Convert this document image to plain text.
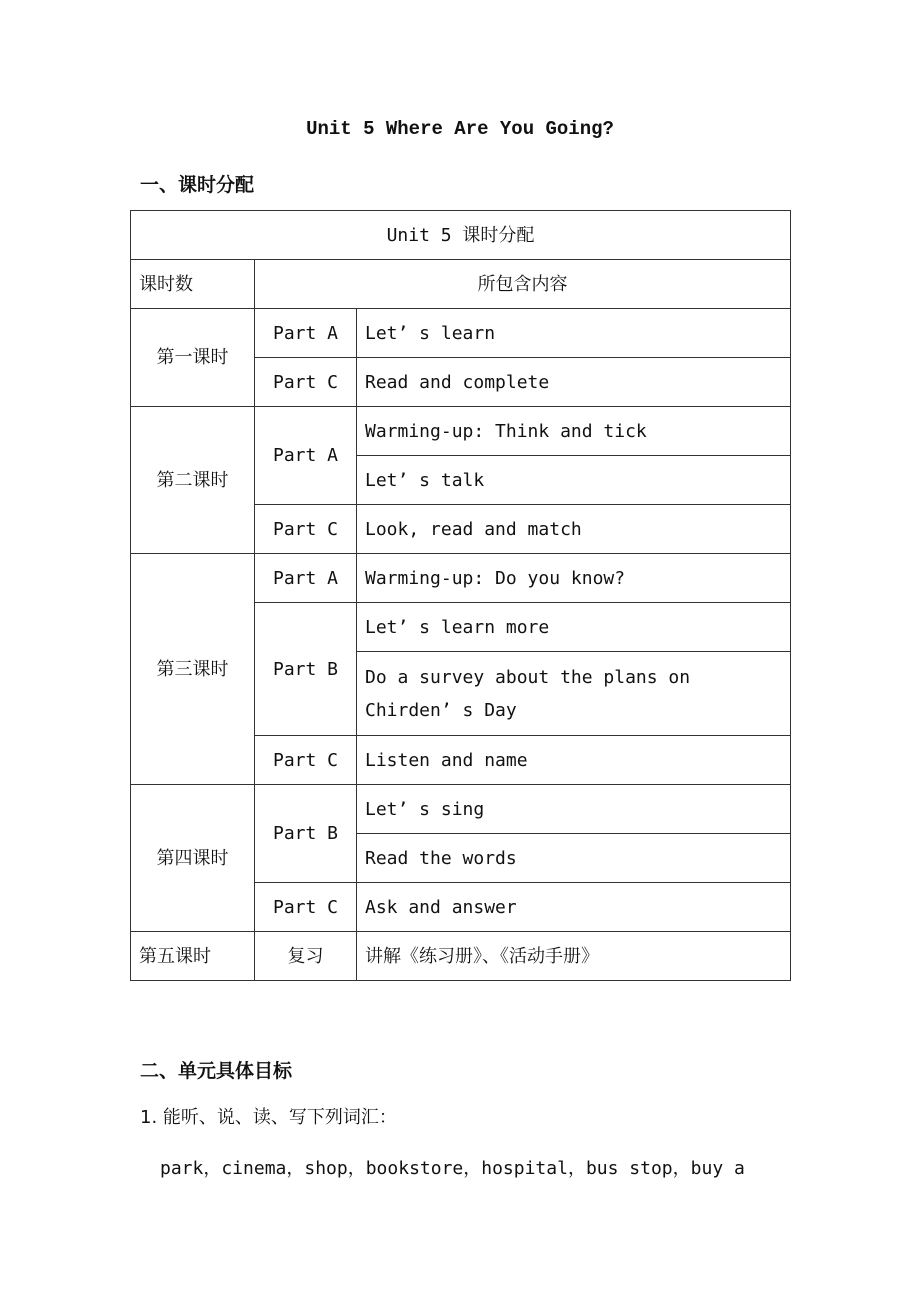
Unit 5 Where Are You Going?
一、课时分配
Unit 5 课时分配		
课时数	所包含内容	
第一课时	Part A	Let’ s learn
	Part C	Read and complete
第二课时	Part A	Warming-up: Think and tick
		Let’ s talk
	Part C	Look, read and match
第三课时	Part A	Warming-up: Do you know?
	Part B	Let’ s learn more
		Do a survey about the plans on Chirden’ s Day
	Part C	Listen and name
第四课时	Part B	Let’ s sing
		Read the words
	Part C	Ask and answer
第五课时	复习	讲解《练习册》、《活动手册》
二、单元具体目标
1. 能听、说、读、写下列词汇：
park，cinema，shop，bookstore，hospital，bus stop，buy a
